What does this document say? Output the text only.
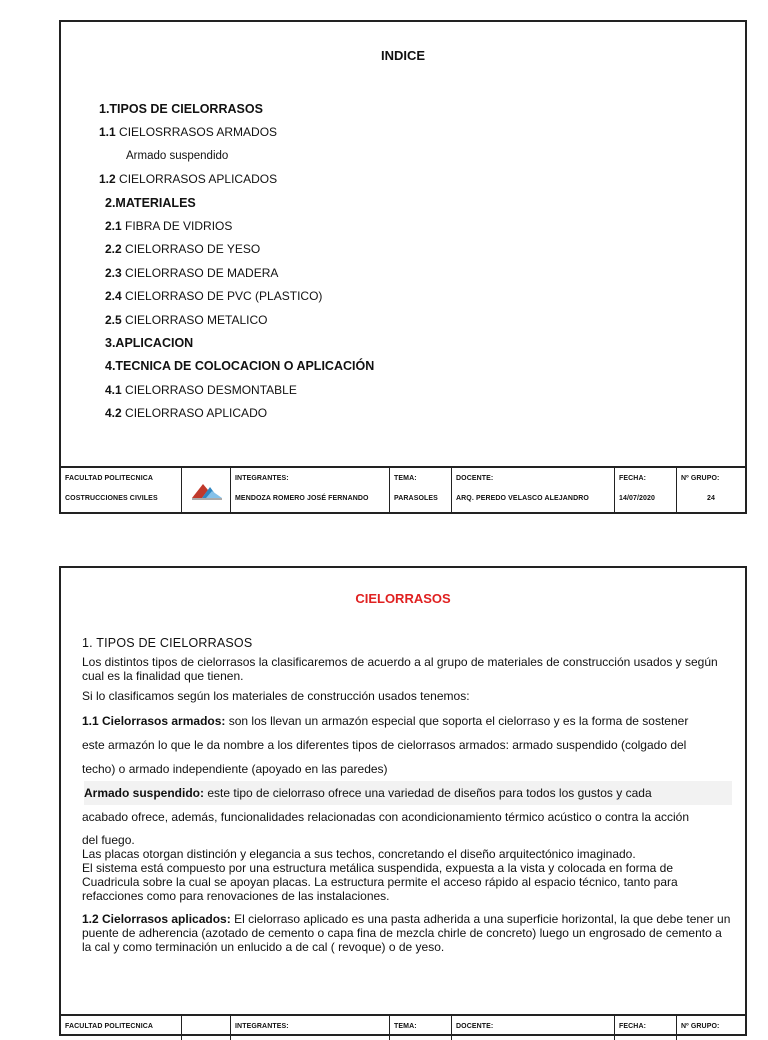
INDICE
1.TIPOS DE CIELORRASOS
1.1 CIELOSRRASOS ARMADOS
Armado suspendido
1.2 CIELORRASOS APLICADOS
2.MATERIALES
2.1 FIBRA DE VIDRIOS
2.2 CIELORRASO DE YESO
2.3 CIELORRASO DE MADERA
2.4 CIELORRASO DE PVC (PLASTICO)
2.5 CIELORRASO METALICO
3.APLICACION
4.TECNICA DE COLOCACION O APLICACIÓN
4.1 CIELORRASO DESMONTABLE
4.2 CIELORRASO APLICADO
FACULTAD POLITECNICA
COSTRUCCIONES CIVILES
INTEGRANTES:
MENDOZA ROMERO JOSÉ FERNANDO
TEMA:
PARASOLES
DOCENTE:
ARQ. PEREDO VELASCO ALEJANDRO
FECHA:
14/07/2020
Nº GRUPO:
24
CIELORRASOS
1. TIPOS DE CIELORRASOS

Los distintos tipos de cielorrasos la clasificaremos de acuerdo a al grupo de materiales de construcción usados y según cual es la finalidad que tienen.

Si lo clasificamos según los materiales de construcción usados tenemos:

1.1 Cielorrasos armados: son los llevan un armazón especial que soporta el cielorraso y es la forma de sostener

este armazón lo que le da nombre a los diferentes tipos de cielorrasos armados: armado suspendido (colgado del

techo) o armado independiente (apoyado en las paredes)

Armado suspendido: este tipo de cielorraso ofrece una variedad de diseños para todos los gustos y cada

acabado ofrece, además, funcionalidades relacionadas con acondicionamiento térmico acústico o contra la acción

del fuego.

Las placas otorgan distinción y elegancia a sus techos, concretando el diseño arquitectónico imaginado.

El sistema está compuesto por una estructura metálica suspendida, expuesta a la vista y colocada en forma de Cuadricula sobre la cual se apoyan placas. La estructura permite el acceso rápido al espacio técnico, tanto para refacciones como para renovaciones de las instalaciones.

1.2 Cielorrasos aplicados: El cielorraso aplicado es una pasta adherida a una superficie horizontal, la que debe tener un puente de adherencia (azotado de cemento o capa fina de mezcla chirle de concreto) luego un engrosado de cemento a la cal y como terminación un enlucido a de cal ( revoque) o de yeso.

FACULTAD POLITECNICA	INTEGRANTES:	TEMA:	DOCENTE:	FECHA:	Nº GRUPO:
